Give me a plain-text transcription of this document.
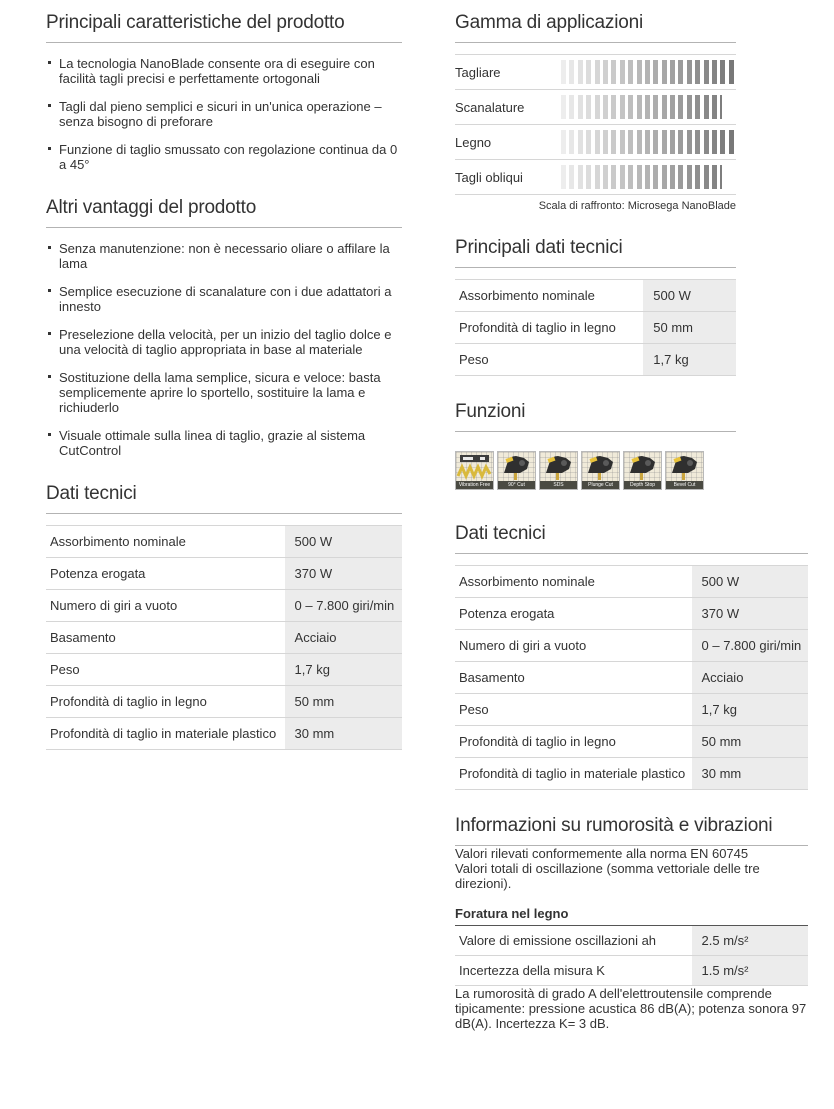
Principali caratteristiche del prodotto
La tecnologia NanoBlade consente ora di eseguire con facilità tagli precisi e perfettamente ortogonali
Tagli dal pieno semplici e sicuri in un'unica operazione – senza bisogno di preforare
Funzione di taglio smussato con regolazione continua da 0 a 45°
Altri vantaggi del prodotto
Senza manutenzione: non è necessario oliare o affilare la lama
Semplice esecuzione di scanalature con i due adattatori a innesto
Preselezione della velocità, per un inizio del taglio dolce e una velocità di taglio appropriata in base al materiale
Sostituzione della lama semplice, sicura e veloce: basta semplicemente aprire lo sportello, sostituire la lama e richiuderlo
Visuale ottimale sulla linea di taglio, grazie al sistema CutControl
Dati tecnici
Assorbimento nominale	500 W
Potenza erogata	370 W
Numero di giri a vuoto	0 – 7.800 giri/min
Basamento	Acciaio
Peso	1,7 kg
Profondità di taglio in legno	50 mm
Profondità di taglio in materiale plastico	30 mm
Gamma di applicazioni
Tagliare
Scanalature
Legno
Tagli obliqui
Scala di raffronto: Microsega NanoBlade
Principali dati tecnici
Assorbimento nominale	500 W
Profondità di taglio in legno	50 mm
Peso	1,7 kg
Funzioni
Vibration Free	90° Cut	SDS	Plunge Cut	Depth Stop	Bevel Cut
Dati tecnici
Assorbimento nominale	500 W
Potenza erogata	370 W
Numero di giri a vuoto	0 – 7.800 giri/min
Basamento	Acciaio
Peso	1,7 kg
Profondità di taglio in legno	50 mm
Profondità di taglio in materiale plastico	30 mm
Informazioni su rumorosità e vibrazioni

Valori rilevati conformemente alla norma EN 60745

Valori totali di oscillazione (somma vettoriale delle tre direzioni).

Foratura nel legno
Valore di emissione oscillazioni ah	2.5 m/s²
Incertezza della misura K	1.5 m/s²

La rumorosità di grado A dell'elettroutensile comprende tipicamente: pressione acustica 86 dB(A); potenza sonora 97 dB(A). Incertezza K= 3 dB.
